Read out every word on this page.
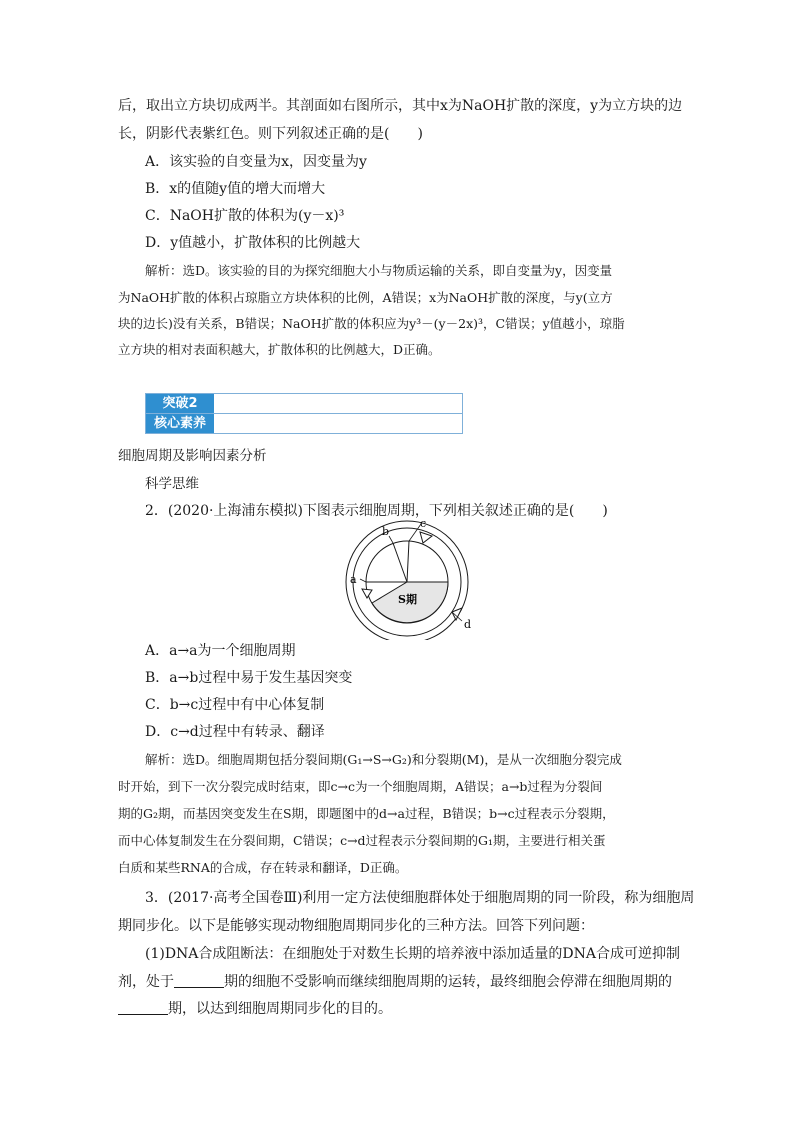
后，取出立方块切成两半。其剖面如右图所示，其中x为NaOH扩散的深度，y为立方块的边
长，阴影代表紫红色。则下列叙述正确的是(　　)
A．该实验的自变量为x，因变量为y
B．x的值随y值的增大而增大
C．NaOH扩散的体积为(y－x)³
D．y值越小，扩散体积的比例越大
解析：选D。该实验的目的为探究细胞大小与物质运输的关系，即自变量为y，因变量
为NaOH扩散的体积占琼脂立方块体积的比例，A错误；x为NaOH扩散的深度，与y(立方
块的边长)没有关系，B错误；NaOH扩散的体积应为y³－(y－2x)³，C错误；y值越小，琼脂
立方块的相对表面积越大，扩散体积的比例越大，D正确。
突破2
核心素养
细胞周期及影响因素分析
科学思维
2．(2020·上海浦东模拟)下图表示细胞周期，下列相关叙述正确的是(　　)
a
b
c
d
S期
A．a→a为一个细胞周期
B．a→b过程中易于发生基因突变
C．b→c过程中有中心体复制
D．c→d过程中有转录、翻译
解析：选D。细胞周期包括分裂间期(G₁→S→G₂)和分裂期(M)，是从一次细胞分裂完成
时开始，到下一次分裂完成时结束，即c→c为一个细胞周期，A错误；a→b过程为分裂间
期的G₂期，而基因突变发生在S期，即题图中的d→a过程，B错误；b→c过程表示分裂期，
而中心体复制发生在分裂间期，C错误；c→d过程表示分裂间期的G₁期，主要进行相关蛋
白质和某些RNA的合成，存在转录和翻译，D正确。
3．(2017·高考全国卷Ⅲ)利用一定方法使细胞群体处于细胞周期的同一阶段，称为细胞周
期同步化。以下是能够实现动物细胞周期同步化的三种方法。回答下列问题：
(1)DNA合成阻断法：在细胞处于对数生长期的培养液中添加适量的DNA合成可逆抑制
剂，处于	期的细胞不受影响而继续细胞周期的运转，最终细胞会停滞在细胞周期的
期，以达到细胞周期同步化的目的。
